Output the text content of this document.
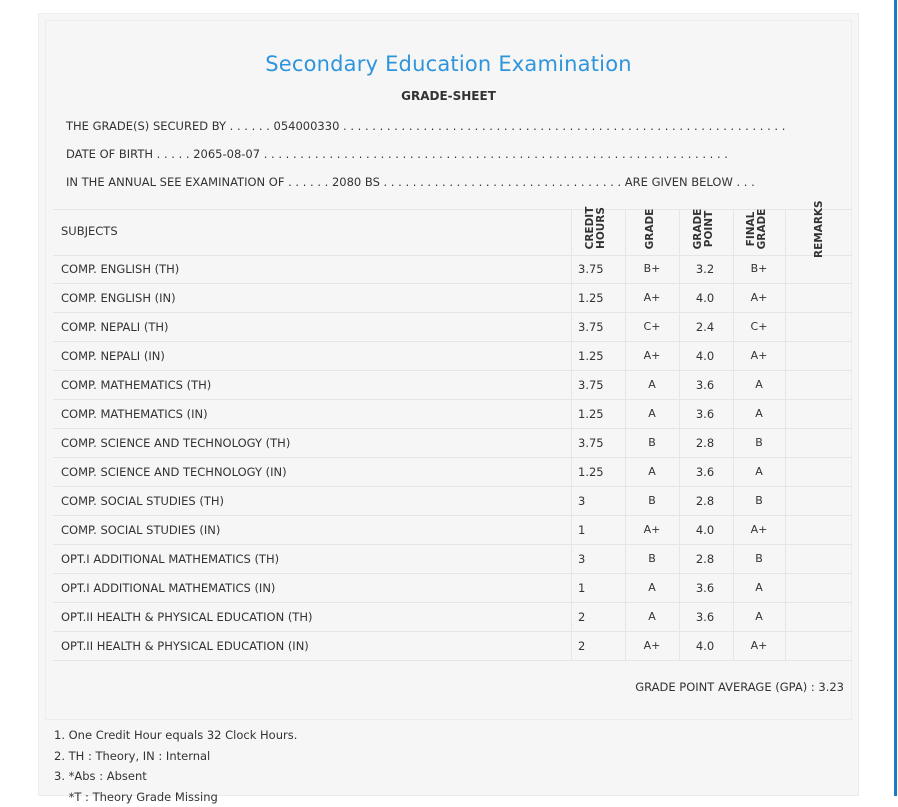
Secondary Education Examination
GRADE-SHEET
THE GRADE(S) SECURED BY . . . . . . 054000330 . . . . . . . . . . . . . . . . . . . . . . . . . . . . . . . . . . . . . . . . . . . . . . . . . . . . . . . . . . . . .
DATE OF BIRTH . . . . . 2065-08-07 . . . . . . . . . . . . . . . . . . . . . . . . . . . . . . . . . . . . . . . . . . . . . . . . . . . . . . . . . . . . . . . .
IN THE ANNUAL SEE EXAMINATION OF . . . . . . 2080 BS . . . . . . . . . . . . . . . . . . . . . . . . . . . . . . . . . ARE GIVEN BELOW . . .
SUBJECTS	CREDIT HOURS	GRADE	GRADE POINT	FINAL GRADE	REMARKS
COMP. ENGLISH (TH)	3.75	B+	3.2	B+
COMP. ENGLISH (IN)	1.25	A+	4.0	A+
COMP. NEPALI (TH)	3.75	C+	2.4	C+
COMP. NEPALI (IN)	1.25	A+	4.0	A+
COMP. MATHEMATICS (TH)	3.75	A	3.6	A
COMP. MATHEMATICS (IN)	1.25	A	3.6	A
COMP. SCIENCE AND TECHNOLOGY (TH)	3.75	B	2.8	B
COMP. SCIENCE AND TECHNOLOGY (IN)	1.25	A	3.6	A
COMP. SOCIAL STUDIES (TH)	3	B	2.8	B
COMP. SOCIAL STUDIES (IN)	1	A+	4.0	A+
OPT.I ADDITIONAL MATHEMATICS (TH)	3	B	2.8	B
OPT.I ADDITIONAL MATHEMATICS (IN)	1	A	3.6	A
OPT.II HEALTH & PHYSICAL EDUCATION (TH)	2	A	3.6	A
OPT.II HEALTH & PHYSICAL EDUCATION (IN)	2	A+	4.0	A+
GRADE POINT AVERAGE (GPA) : 3.23
1. One Credit Hour equals 32 Clock Hours.
2. TH : Theory, IN : Internal
3. *Abs : Absent
*T : Theory Grade Missing
